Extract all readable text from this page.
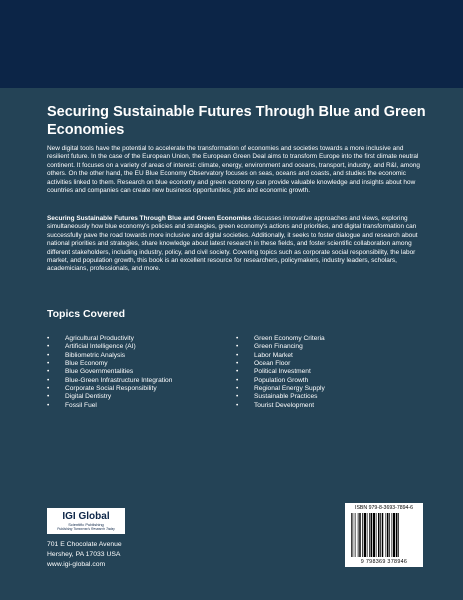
Securing Sustainable Futures Through Blue and Green Economies

New digital tools have the potential to accelerate the transformation of economies and societies towards a more inclusive and resilient future. In the case of the European Union, the European Green Deal aims to transform Europe into the first climate neutral continent. It focuses on a variety of areas of interest: climate, energy, environment and oceans, transport, industry, and R&I, among others. On the other hand, the EU Blue Economy Observatory focuses on seas, oceans and coasts, and studies the economic activities linked to them. Research on blue economy and green economy can provide valuable knowledge and insights about how countries and companies can create new business opportunities, jobs and economic growth.

Securing Sustainable Futures Through Blue and Green Economies discusses innovative approaches and views, exploring simultaneously how blue economy's policies and strategies, green economy's actions and priorities, and digital transformation can successfully pave the road towards more inclusive and digital societies. Additionally, it seeks to foster dialogue and research about national priorities and strategies, share knowledge about latest research in these fields, and foster scientific collaboration among different stakeholders, including industry, policy, and civil society. Covering topics such as corporate social responsibility, the labor market, and population growth, this book is an excellent resource for researchers, policymakers, industry leaders, scholars, academicians, professionals, and more.

Topics Covered
• Agricultural Productivity
• Artificial Intelligence (AI)
• Bibliometric Analysis
• Blue Economy
• Blue Governmentalities
• Blue-Green Infrastructure Integration
• Corporate Social Responsibility
• Digital Dentistry
• Fossil Fuel
• Green Economy Criteria
• Green Financing
• Labor Market
• Ocean Floor
• Political Investment
• Population Growth
• Regional Energy Supply
• Sustainable Practices
• Tourist Development
IGI Global
Scientific Publishing
Publishing Tomorrow's Research Today
701 E Chocolate Avenue
Hershey, PA 17033 USA
www.igi-global.com
ISBN 979-8-3693-7894-6
9 798369 378946
